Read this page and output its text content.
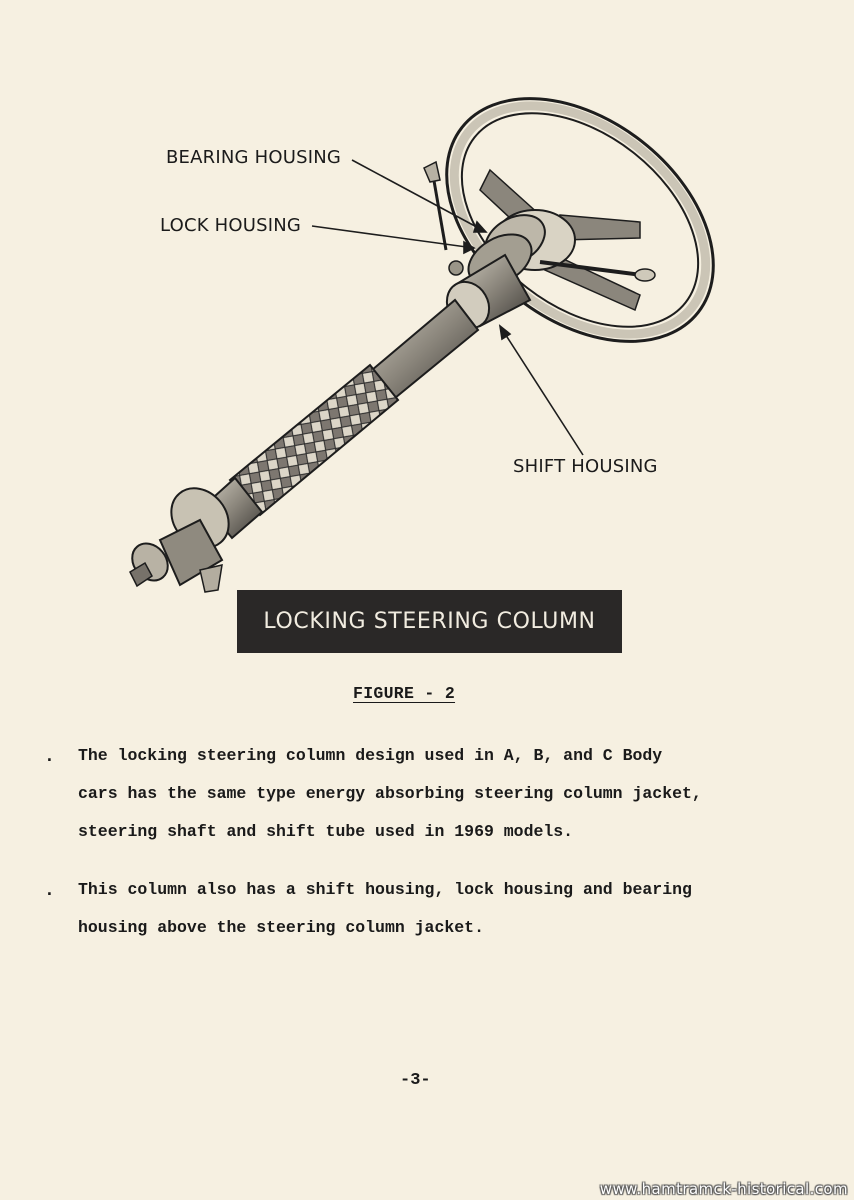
BEARING HOUSING
LOCK HOUSING
SHIFT HOUSING
LOCKING STEERING COLUMN
FIGURE - 2
. The locking steering column design used in A, B, and C Body
cars has the same type energy absorbing steering column jacket,
steering shaft and shift tube used in 1969 models.
. This column also has a shift housing, lock housing and bearing
housing above the steering column jacket.
-3-
www.hamtramck-historical.com
